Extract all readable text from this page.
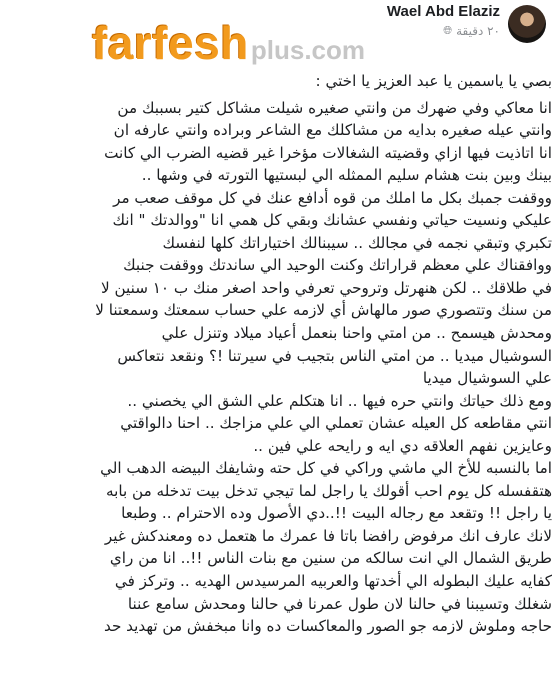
Wael Abd Elaziz
٢٠ دقيقة
🌐︎
farfeshplus.com
بصي يا ياسمين يا عبد العزيز يا اختي :
انا معاكي وفي ضهرك من وانتي صغيره شيلت مشاكل كتير بسببك من
وانتي عيله صغيره بدايه من مشاكلك مع الشاعر وبراده وانتي عارفه ان
انا اتاذيت فيها ازاي وقضيته الشغالات مؤخرا غير قضيه الضرب الي كانت
بينك وبين بنت هشام سليم الممثله الي لبستيها التورته في وشها ..
ووقفت جمبك بكل ما املك من قوه أدافع عنك في كل موقف صعب مر
عليكي ونسيت حياتي ونفسي عشانك وبقي كل همي انا "ووالدتك " انك
تكبري وتبقي نجمه في مجالك .. سيبنالك اختياراتك كلها لنفسك
ووافقناك علي معظم قراراتك وكنت الوحيد الي ساندتك ووقفت جنبك
في طلاقك .. لكن هنهرتل وتروحي تعرفي واحد اصغر منك ب ١٠ سنين لا
من سنك وتتصوري صور مالهاش أي لازمه علي حساب سمعتك وسمعتنا لا
ومحدش هيسمح .. من امتي واحنا بنعمل أعياد ميلاد وتنزل علي
السوشيال ميديا .. من امتي الناس بتجيب في سيرتنا !؟ ونقعد نتعاكس
علي السوشيال ميديا
ومع ذلك حياتك وانتي حره فيها .. انا هتكلم علي الشق الي يخصني ..
انتي مقاطعه كل العيله عشان تعملي الي علي مزاجك .. احنا دالواقتي
وعايزين نفهم العلاقه دي ايه و رايحه علي فين ..
اما بالنسبه للأخ الي ماشي وراكي في كل حته وشايفك البيضه الدهب الي
هتقفسله كل يوم احب أقولك يا راجل لما تيجي تدخل بيت تدخله من بابه
يا راجل !! وتقعد مع رجاله البيت !!..دي الأصول وده الاحترام .. وطبعا
لانك عارف انك مرفوض رافضا باتا فا عمرك ما هتعمل ده ومعندكش غير
طريق الشمال الي انت سالكه من سنين مع بنات الناس !!.. انا من راي
كفايه عليك البطوله الي أخدتها والعربيه المرسيدس الهديه .. وتركز في
شغلك وتسيبنا في حالنا لان طول عمرنا في حالنا ومحدش سامع عننا
حاجه وملوش لازمه جو الصور والمعاكسات ده وانا مبخفش من تهديد حد
